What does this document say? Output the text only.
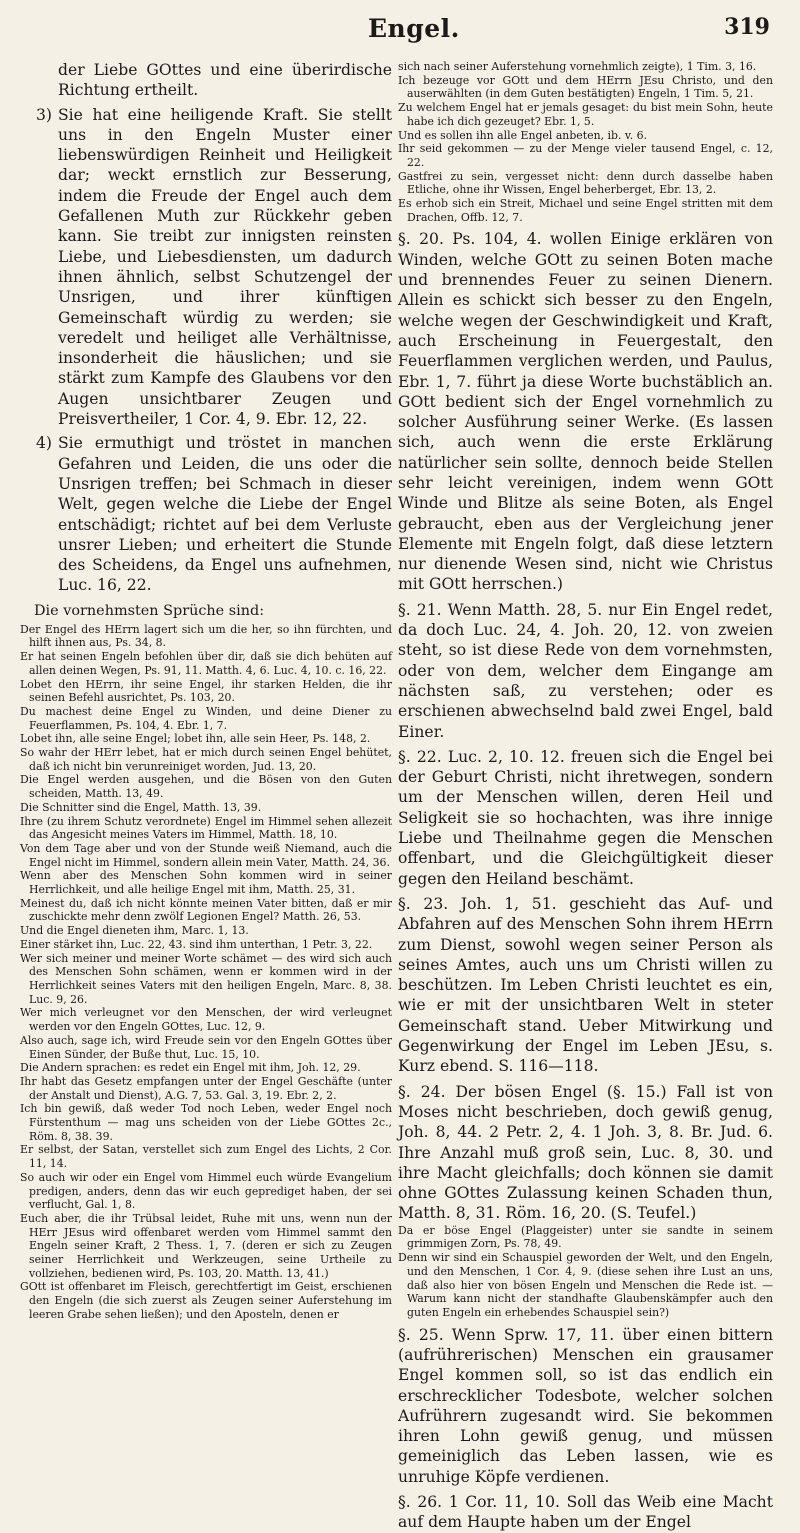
Engel.	319

der Liebe GOttes und eine überirdische Richtung ertheilt.

3) Sie hat eine heiligende Kraft. Sie stellt uns in den Engeln Muster einer liebenswürdigen Reinheit und Heiligkeit dar; weckt ernstlich zur Besserung, indem die Freude der Engel auch dem Gefallenen Muth zur Rückkehr geben kann. Sie treibt zur innigsten reinsten Liebe, und Liebesdiensten, um dadurch ihnen ähnlich, selbst Schutzengel der Unsrigen, und ihrer künftigen Gemeinschaft würdig zu werden; sie veredelt und heiliget alle Verhältnisse, insonderheit die häuslichen; und sie stärkt zum Kampfe des Glaubens vor den Augen unsichtbarer Zeugen und Preisvertheiler, 1 Cor. 4, 9. Ebr. 12, 22.

4) Sie ermuthigt und tröstet in manchen Gefahren und Leiden, die uns oder die Unsrigen treffen; bei Schmach in dieser Welt, gegen welche die Liebe der Engel entschädigt; richtet auf bei dem Verluste unsrer Lieben; und erheitert die Stunde des Scheidens, da Engel uns aufnehmen, Luc. 16, 22.

Die vornehmsten Sprüche sind:

Der Engel des HErrn lagert sich um die her, so ihn fürchten, und hilft ihnen aus, Ps. 34, 8.

Er hat seinen Engeln befohlen über dir, daß sie dich behüten auf allen deinen Wegen, Ps. 91, 11. Matth. 4, 6. Luc. 4, 10. c. 16, 22.

Lobet den HErrn, ihr seine Engel, ihr starken Helden, die ihr seinen Befehl ausrichtet, Ps. 103, 20.

Du machest deine Engel zu Winden, und deine Diener zu Feuerflammen, Ps. 104, 4. Ebr. 1, 7.

Lobet ihn, alle seine Engel; lobet ihn, alle sein Heer, Ps. 148, 2.

So wahr der HErr lebet, hat er mich durch seinen Engel behütet, daß ich nicht bin verunreiniget worden, Jud. 13, 20.

Die Engel werden ausgehen, und die Bösen von den Guten scheiden, Matth. 13, 49.

Die Schnitter sind die Engel, Matth. 13, 39.

Ihre (zu ihrem Schutz verordnete) Engel im Himmel sehen allezeit das Angesicht meines Vaters im Himmel, Matth. 18, 10.

Von dem Tage aber und von der Stunde weiß Niemand, auch die Engel nicht im Himmel, sondern allein mein Vater, Matth. 24, 36.

Wenn aber des Menschen Sohn kommen wird in seiner Herrlichkeit, und alle heilige Engel mit ihm, Matth. 25, 31.

Meinest du, daß ich nicht könnte meinen Vater bitten, daß er mir zuschickte mehr denn zwölf Legionen Engel? Matth. 26, 53.

Und die Engel dieneten ihm, Marc. 1, 13.

Einer stärket ihn, Luc. 22, 43. sind ihm unterthan, 1 Petr. 3, 22.

Wer sich meiner und meiner Worte schämet — des wird sich auch des Menschen Sohn schämen, wenn er kommen wird in der Herrlichkeit seines Vaters mit den heiligen Engeln, Marc. 8, 38. Luc. 9, 26.

Wer mich verleugnet vor den Menschen, der wird verleugnet werden vor den Engeln GOttes, Luc. 12, 9.

Also auch, sage ich, wird Freude sein vor den Engeln GOttes über Einen Sünder, der Buße thut, Luc. 15, 10.

Die Andern sprachen: es redet ein Engel mit ihm, Joh. 12, 29.

Ihr habt das Gesetz empfangen unter der Engel Geschäfte (unter der Anstalt und Dienst), A.G. 7, 53. Gal. 3, 19. Ebr. 2, 2.

Ich bin gewiß, daß weder Tod noch Leben, weder Engel noch Fürstenthum — mag uns scheiden von der Liebe GOttes 2c., Röm. 8, 38. 39.

Er selbst, der Satan, verstellet sich zum Engel des Lichts, 2 Cor. 11, 14.

So auch wir oder ein Engel vom Himmel euch würde Evangelium predigen, anders, denn das wir euch geprediget haben, der sei verflucht, Gal. 1, 8.

Euch aber, die ihr Trübsal leidet, Ruhe mit uns, wenn nun der HErr JEsus wird offenbaret werden vom Himmel sammt den Engeln seiner Kraft, 2 Thess. 1, 7. (deren er sich zu Zeugen seiner Herrlichkeit und Werkzeugen, seine Urtheile zu vollziehen, bedienen wird, Ps. 103, 20. Matth. 13, 41.)

GOtt ist offenbaret im Fleisch, gerechtfertigt im Geist, erschienen den Engeln (die sich zuerst als Zeugen seiner Auferstehung im leeren Grabe sehen ließen); und den Aposteln, denen er

sich nach seiner Auferstehung vornehmlich zeigte), 1 Tim. 3, 16.

Ich bezeuge vor GOtt und dem HErrn JEsu Christo, und den auserwählten (in dem Guten bestätigten) Engeln, 1 Tim. 5, 21.

Zu welchem Engel hat er jemals gesaget: du bist mein Sohn, heute habe ich dich gezeuget? Ebr. 1, 5.

Und es sollen ihn alle Engel anbeten, ib. v. 6.

Ihr seid gekommen — zu der Menge vieler tausend Engel, c. 12, 22.

Gastfrei zu sein, vergesset nicht: denn durch dasselbe haben Etliche, ohne ihr Wissen, Engel beherberget, Ebr. 13, 2.

Es erhob sich ein Streit, Michael und seine Engel stritten mit dem Drachen, Offb. 12, 7.

§. 20. Ps. 104, 4. wollen Einige erklären von Winden, welche GOtt zu seinen Boten mache und brennendes Feuer zu seinen Dienern. Allein es schickt sich besser zu den Engeln, welche wegen der Geschwindigkeit und Kraft, auch Erscheinung in Feuergestalt, den Feuerflammen verglichen werden, und Paulus, Ebr. 1, 7. führt ja diese Worte buchstäblich an. GOtt bedient sich der Engel vornehmlich zu solcher Ausführung seiner Werke. (Es lassen sich, auch wenn die erste Erklärung natürlicher sein sollte, dennoch beide Stellen sehr leicht vereinigen, indem wenn GOtt Winde und Blitze als seine Boten, als Engel gebraucht, eben aus der Vergleichung jener Elemente mit Engeln folgt, daß diese letztern nur dienende Wesen sind, nicht wie Christus mit GOtt herrschen.)

§. 21. Wenn Matth. 28, 5. nur Ein Engel redet, da doch Luc. 24, 4. Joh. 20, 12. von zweien steht, so ist diese Rede von dem vornehmsten, oder von dem, welcher dem Eingange am nächsten saß, zu verstehen; oder es erschienen abwechselnd bald zwei Engel, bald Einer.

§. 22. Luc. 2, 10. 12. freuen sich die Engel bei der Geburt Christi, nicht ihretwegen, sondern um der Menschen willen, deren Heil und Seligkeit sie so hochachten, was ihre innige Liebe und Theilnahme gegen die Menschen offenbart, und die Gleichgültigkeit dieser gegen den Heiland beschämt.

§. 23. Joh. 1, 51. geschieht das Auf- und Abfahren auf des Menschen Sohn ihrem HErrn zum Dienst, sowohl wegen seiner Person als seines Amtes, auch uns um Christi willen zu beschützen. Im Leben Christi leuchtet es ein, wie er mit der unsichtbaren Welt in steter Gemeinschaft stand. Ueber Mitwirkung und Gegenwirkung der Engel im Leben JEsu, s. Kurz ebend. S. 116—118.

§. 24. Der bösen Engel (§. 15.) Fall ist von Moses nicht beschrieben, doch gewiß genug, Joh. 8, 44. 2 Petr. 2, 4. 1 Joh. 3, 8. Br. Jud. 6. Ihre Anzahl muß groß sein, Luc. 8, 30. und ihre Macht gleichfalls; doch können sie damit ohne GOttes Zulassung keinen Schaden thun, Matth. 8, 31. Röm. 16, 20. (S. Teufel.)

Da er böse Engel (Plaggeister) unter sie sandte in seinem grimmigen Zorn, Ps. 78, 49.

Denn wir sind ein Schauspiel geworden der Welt, und den Engeln, und den Menschen, 1 Cor. 4, 9. (diese sehen ihre Lust an uns, daß also hier von bösen Engeln und Menschen die Rede ist. — Warum kann nicht der standhafte Glaubenskämpfer auch den guten Engeln ein erhebendes Schauspiel sein?)

§. 25. Wenn Sprw. 17, 11. über einen bittern (aufrührerischen) Menschen ein grausamer Engel kommen soll, so ist das endlich ein erschrecklicher Todesbote, welcher solchen Aufrührern zugesandt wird. Sie bekommen ihren Lohn gewiß genug, und müssen gemeiniglich das Leben lassen, wie es unruhige Köpfe verdienen.

§. 26. 1 Cor. 11, 10. Soll das Weib eine Macht auf dem Haupte haben um der Engel
